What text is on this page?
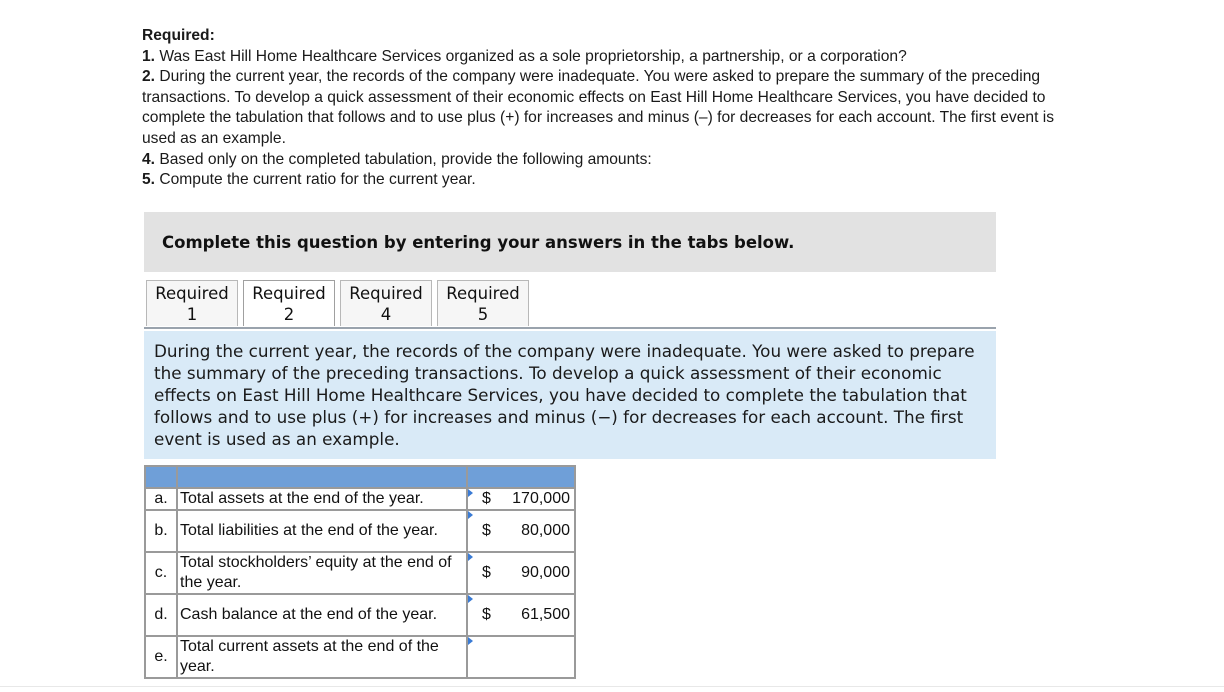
Required:

1. Was East Hill Home Healthcare Services organized as a sole proprietorship, a partnership, or a corporation?

2. During the current year, the records of the company were inadequate. You were asked to prepare the summary of the preceding transactions. To develop a quick assessment of their economic effects on East Hill Home Healthcare Services, you have decided to complete the tabulation that follows and to use plus (+) for increases and minus (–) for decreases for each account. The first event is used as an example.

4. Based only on the completed tabulation, provide the following amounts:

5. Compute the current ratio for the current year.

Complete this question by entering your answers in the tabs below.
Required
1
Required
2
Required
4
Required
5
During the current year, the records of the company were inadequate. You were asked to prepare the summary of the preceding transactions. To develop a quick assessment of their economic effects on East Hill Home Healthcare Services, you have decided to complete the tabulation that follows and to use plus (+) for increases and minus (−) for decreases for each account. The first event is used as an example.

a.	Total assets at the end of the year.	$ 170,000

b.	Total liabilities at the end of the year.	$ 80,000

c.	Total stockholders’ equity at the end of the year.	$ 90,000

d.	Cash balance at the end of the year.	$ 61,500

e.	Total current assets at the end of the year.	
